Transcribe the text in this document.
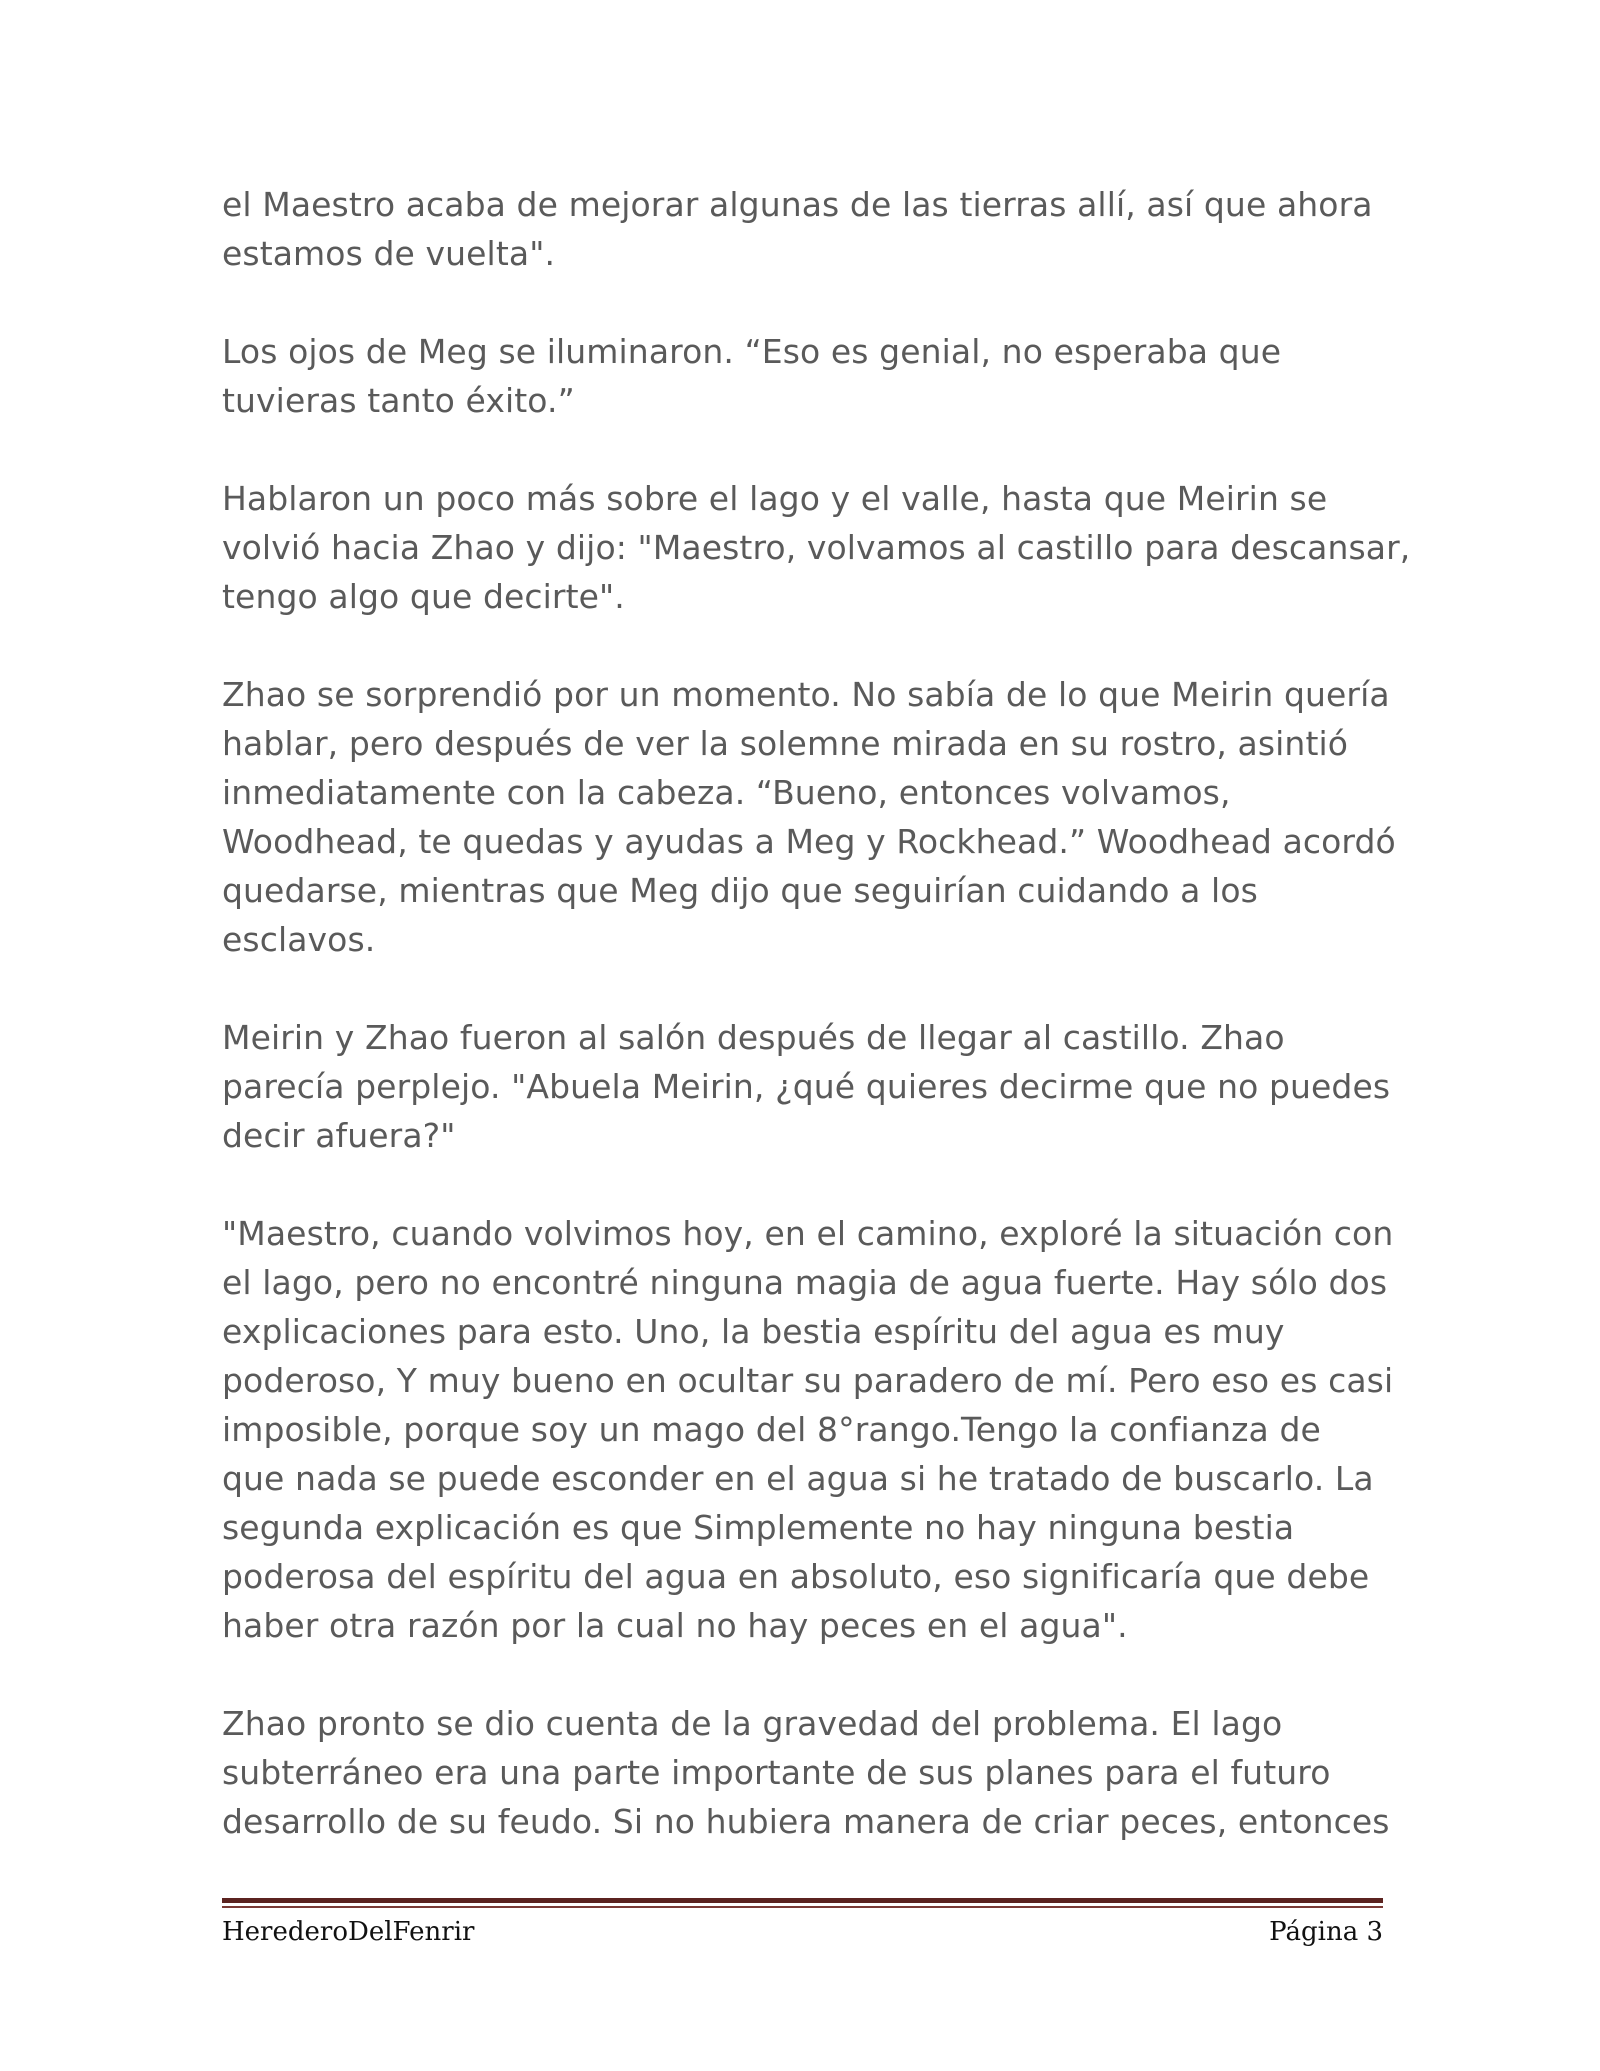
el Maestro acaba de mejorar algunas de las tierras allí, así que ahora
estamos de vuelta".

Los ojos de Meg se iluminaron. “Eso es genial, no esperaba que
tuvieras tanto éxito.”

Hablaron un poco más sobre el lago y el valle, hasta que Meirin se
volvió hacia Zhao y dijo: "Maestro, volvamos al castillo para descansar,
tengo algo que decirte".

Zhao se sorprendió por un momento. No sabía de lo que Meirin quería
hablar, pero después de ver la solemne mirada en su rostro, asintió
inmediatamente con la cabeza. “Bueno, entonces volvamos,
Woodhead, te quedas y ayudas a Meg y Rockhead.” Woodhead acordó
quedarse, mientras que Meg dijo que seguirían cuidando a los
esclavos.

Meirin y Zhao fueron al salón después de llegar al castillo. Zhao
parecía perplejo. "Abuela Meirin, ¿qué quieres decirme que no puedes
decir afuera?"

"Maestro, cuando volvimos hoy, en el camino, exploré la situación con
el lago, pero no encontré ninguna magia de agua fuerte. Hay sólo dos
explicaciones para esto. Uno, la bestia espíritu del agua es muy
poderoso, Y muy bueno en ocultar su paradero de mí. Pero eso es casi
imposible, porque soy un mago del 8°rango.Tengo la confianza de
que nada se puede esconder en el agua si he tratado de buscarlo. La
segunda explicación es que Simplemente no hay ninguna bestia
poderosa del espíritu del agua en absoluto, eso significaría que debe
haber otra razón por la cual no hay peces en el agua".

Zhao pronto se dio cuenta de la gravedad del problema. El lago
subterráneo era una parte importante de sus planes para el futuro
desarrollo de su feudo. Si no hubiera manera de criar peces, entonces

HerederoDelFenrir	Página 3
